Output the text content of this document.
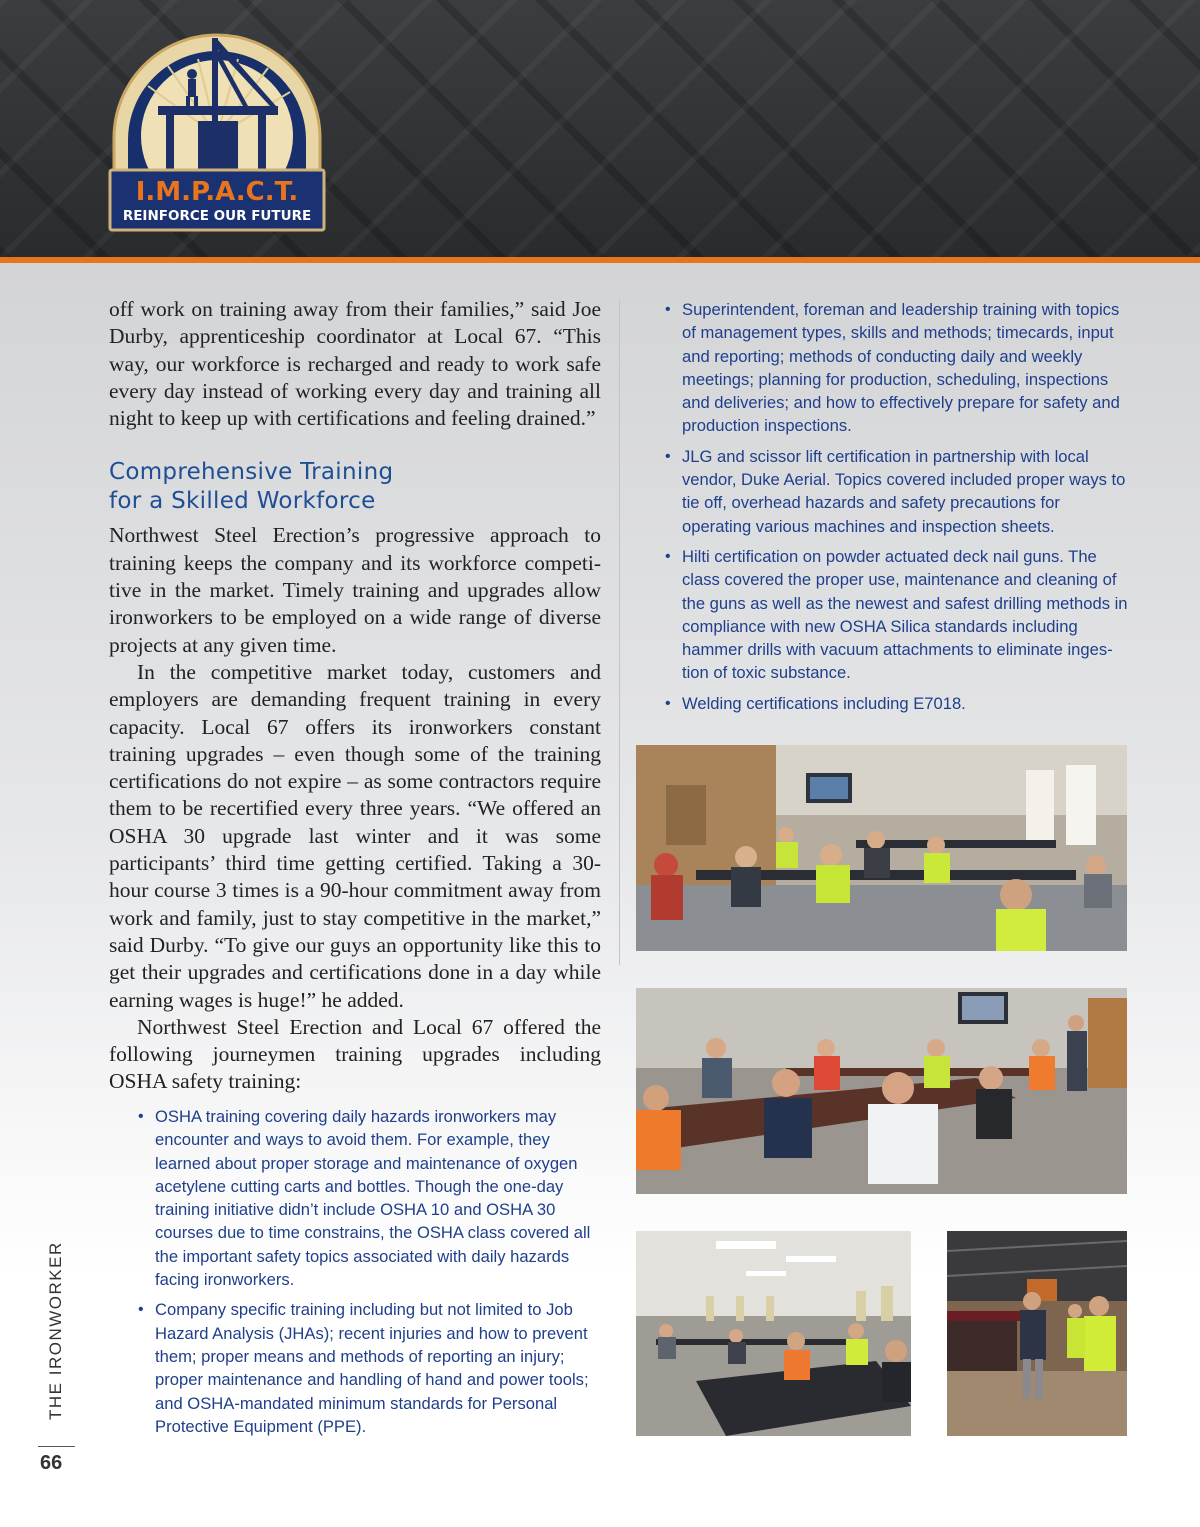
I.M.P.A.C.T.
REINFORCE OUR FUTURE

off work on training away from their families,” said Joe Durby, apprenticeship coordinator at Local 67. “This way, our workforce is recharged and ready to work safe every day instead of working every day and training all night to keep up with certifications and feeling drained.”

Comprehensive Training
for a Skilled Workforce

Northwest Steel Erection’s progressive approach to training keeps the company and its workforce competitive in the market. Timely training and upgrades allow ironworkers to be employed on a wide range of diverse projects at any given time.

In the competitive market today, customers and employers are demanding frequent training in every capacity. Local 67 offers its ironworkers constant training upgrades – even though some of the training certifications do not expire – as some contractors require them to be recertified every three years. “We offered an OSHA 30 upgrade last winter and it was some participants’ third time getting certified. Taking a 30-hour course 3 times is a 90-hour commitment away from work and family, just to stay competitive in the market,” said Durby. “To give our guys an opportunity like this to get their upgrades and certifications done in a day while earning wages is huge!” he added.

Northwest Steel Erection and Local 67 offered the following journeymen training upgrades including OSHA safety training:

• OSHA training covering daily hazards ironworkers may encounter and ways to avoid them. For example, they learned about proper storage and maintenance of oxygen acetylene cutting carts and bottles. Though the one-day training initiative didn’t include OSHA 10 and OSHA 30 courses due to time constrains, the OSHA class covered all the important safety topics associated with daily hazards facing ironworkers.
• Company specific training including but not limited to Job Hazard Analysis (JHAs); recent injuries and how to prevent them; proper means and methods of reporting an injury; proper maintenance and handling of hand and power tools; and OSHA-mandated minimum standards for Personal Protective Equipment (PPE).
• Superintendent, foreman and leadership training with topics of management types, skills and methods; timecards, input and reporting; methods of conducting daily and weekly meetings; planning for production, scheduling, inspections and deliveries; and how to effectively prepare for safety and production inspections.
• JLG and scissor lift certification in partnership with local vendor, Duke Aerial. Topics covered included proper ways to tie off, overhead hazards and safety precautions for operating various machines and inspection sheets.
• Hilti certification on powder actuated deck nail guns. The class covered the proper use, maintenance and cleaning of the guns as well as the newest and safest drilling methods in compliance with new OSHA Silica standards including hammer drills with vacuum attachments to eliminate ingestion of toxic substance.
• Welding certifications including E7018.
THE IRONWORKER
66
